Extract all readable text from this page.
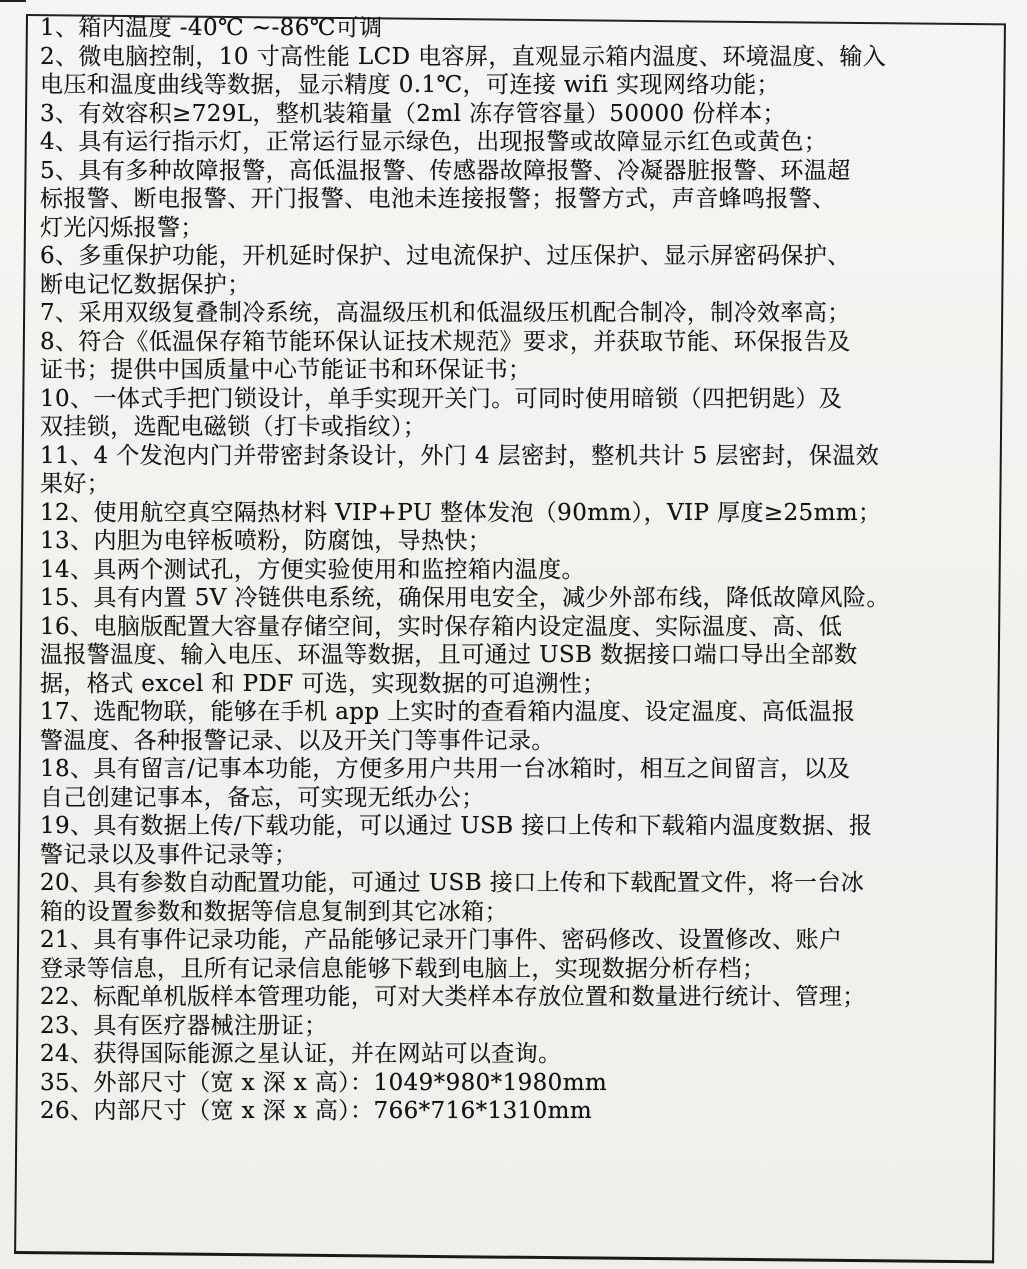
1、箱内温度 -40℃ ~-86℃可调
2、微电脑控制，10 寸高性能 LCD 电容屏，直观显示箱内温度、环境温度、输入
电压和温度曲线等数据，显示精度 0.1℃，可连接 wifi 实现网络功能；
3、有效容积≥729L，整机装箱量（2ml 冻存管容量）50000 份样本；
4、具有运行指示灯，正常运行显示绿色，出现报警或故障显示红色或黄色；
5、具有多种故障报警，高低温报警、传感器故障报警、冷凝器脏报警、环温超
标报警、断电报警、开门报警、电池未连接报警；报警方式，声音蜂鸣报警、
灯光闪烁报警；
6、多重保护功能，开机延时保护、过电流保护、过压保护、显示屏密码保护、
断电记忆数据保护；
7、采用双级复叠制冷系统，高温级压机和低温级压机配合制冷，制冷效率高；
8、符合《低温保存箱节能环保认证技术规范》要求，并获取节能、环保报告及
证书；提供中国质量中心节能证书和环保证书；
10、一体式手把门锁设计，单手实现开关门。可同时使用暗锁（四把钥匙）及
双挂锁，选配电磁锁（打卡或指纹）；
11、4 个发泡内门并带密封条设计，外门 4 层密封，整机共计 5 层密封，保温效
果好；
12、使用航空真空隔热材料 VIP+PU 整体发泡（90mm），VIP 厚度≥25mm；
13、内胆为电锌板喷粉，防腐蚀，导热快；
14、具两个测试孔，方便实验使用和监控箱内温度。
15、具有内置 5V 冷链供电系统，确保用电安全，减少外部布线，降低故障风险。
16、电脑版配置大容量存储空间，实时保存箱内设定温度、实际温度、高、低
温报警温度、输入电压、环温等数据，且可通过 USB 数据接口端口导出全部数
据，格式 excel 和 PDF 可选，实现数据的可追溯性；
17、选配物联，能够在手机 app 上实时的查看箱内温度、设定温度、高低温报
警温度、各种报警记录、以及开关门等事件记录。
18、具有留言/记事本功能，方便多用户共用一台冰箱时，相互之间留言，以及
自己创建记事本，备忘，可实现无纸办公；
19、具有数据上传/下载功能，可以通过 USB 接口上传和下载箱内温度数据、报
警记录以及事件记录等；
20、具有参数自动配置功能，可通过 USB 接口上传和下载配置文件，将一台冰
箱的设置参数和数据等信息复制到其它冰箱；
21、具有事件记录功能，产品能够记录开门事件、密码修改、设置修改、账户
登录等信息，且所有记录信息能够下载到电脑上，实现数据分析存档；
22、标配单机版样本管理功能，可对大类样本存放位置和数量进行统计、管理；
23、具有医疗器械注册证；
24、获得国际能源之星认证，并在网站可以查询。
35、外部尺寸（宽 x 深 x 高）：1049*980*1980mm
26、内部尺寸（宽 x 深 x 高）：766*716*1310mm
